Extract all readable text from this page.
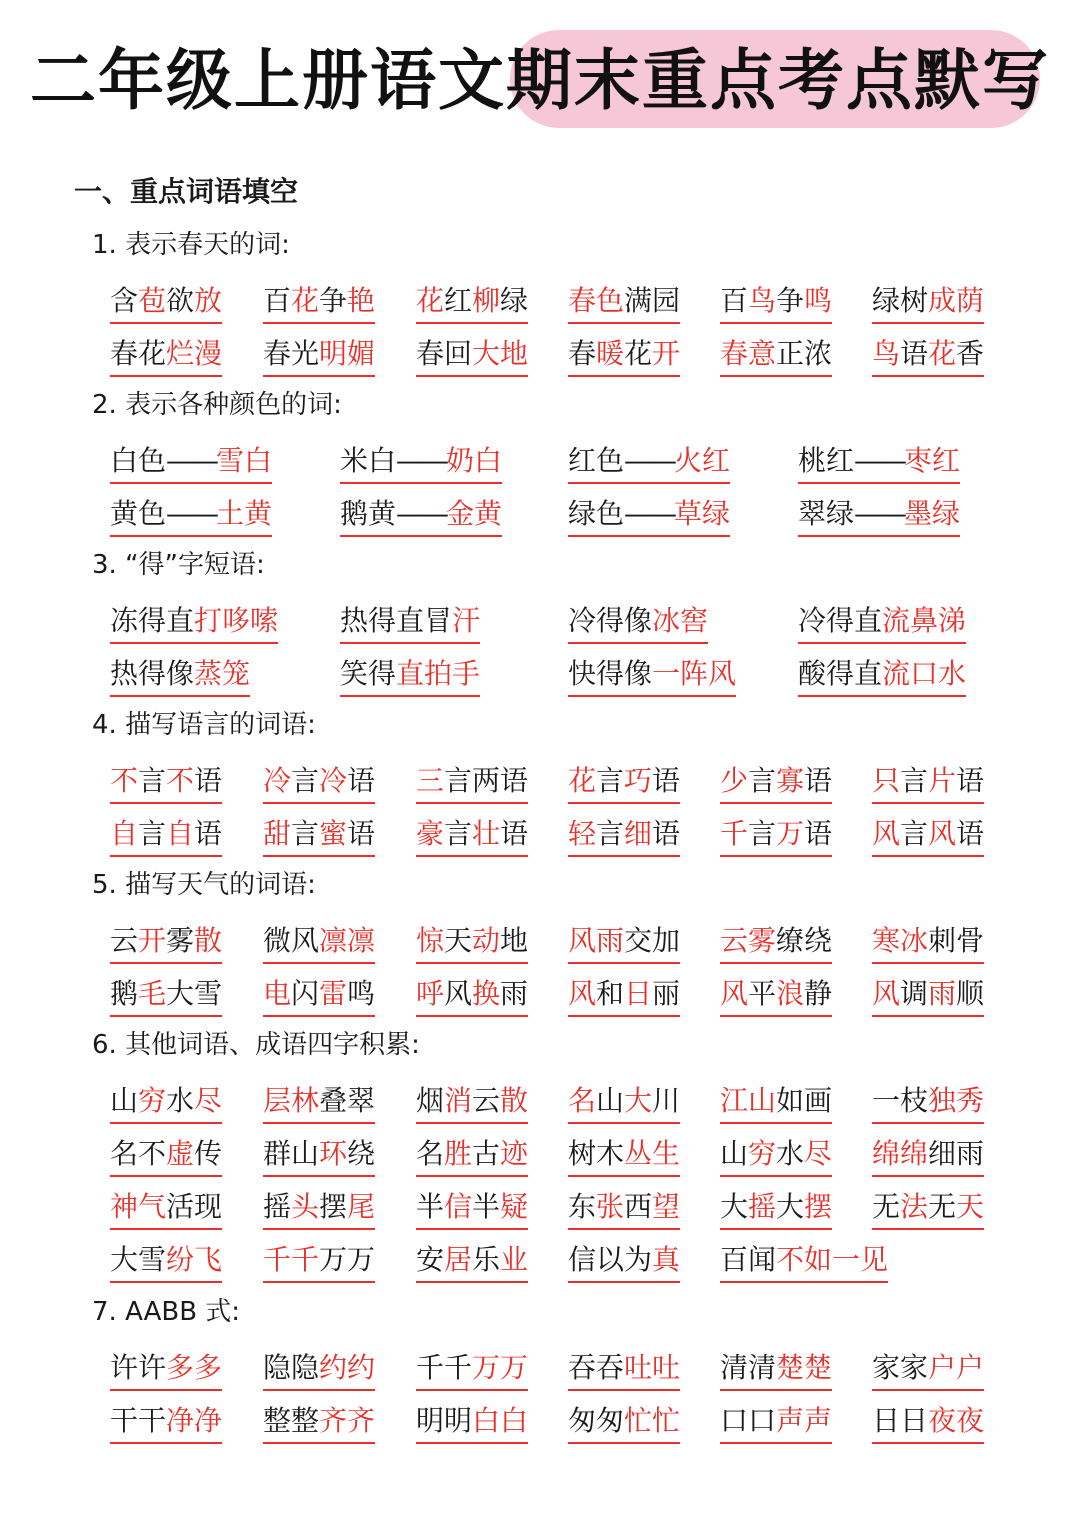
二年级上册语文期末重点考点默写
一、重点词语填空
1. 表示春天的词:
含苞欲放 百花争艳 花红柳绿 春色满园 百鸟争鸣 绿树成荫
春花烂漫 春光明媚 春回大地 春暖花开 春意正浓 鸟语花香
2. 表示各种颜色的词:
白色——雪白 米白——奶白 红色——火红 桃红——枣红
黄色——土黄 鹅黄——金黄 绿色——草绿 翠绿——墨绿
3. “得”字短语:
冻得直打哆嗦 热得直冒汗	冷得像冰窖	冷得直流鼻涕
热得像蒸笼	笑得直拍手	快得像一阵风 酸得直流口水
4. 描写语言的词语:
不言不语 冷言冷语 三言两语 花言巧语 少言寡语 只言片语
自言自语 甜言蜜语 豪言壮语 轻言细语 千言万语 风言风语
5. 描写天气的词语:
云开雾散 微风凛凛 惊天动地 风雨交加 云雾缭绕 寒冰刺骨
鹅毛大雪 电闪雷鸣 呼风换雨 风和日丽 风平浪静 风调雨顺
6. 其他词语、成语四字积累:
山穷水尽 层林叠翠 烟消云散 名山大川 江山如画 一枝独秀
名不虚传 群山环绕 名胜古迹 树木丛生 山穷水尽 绵绵细雨
神气活现 摇头摆尾 半信半疑 东张西望 大摇大摆 无法无天
大雪纷飞 千千万万 安居乐业 信以为真 百闻不如一见
7. AABB 式:
许许多多 隐隐约约 千千万万 吞吞吐吐 清清楚楚 家家户户
干干净净 整整齐齐 明明白白 匆匆忙忙 口口声声 日日夜夜
